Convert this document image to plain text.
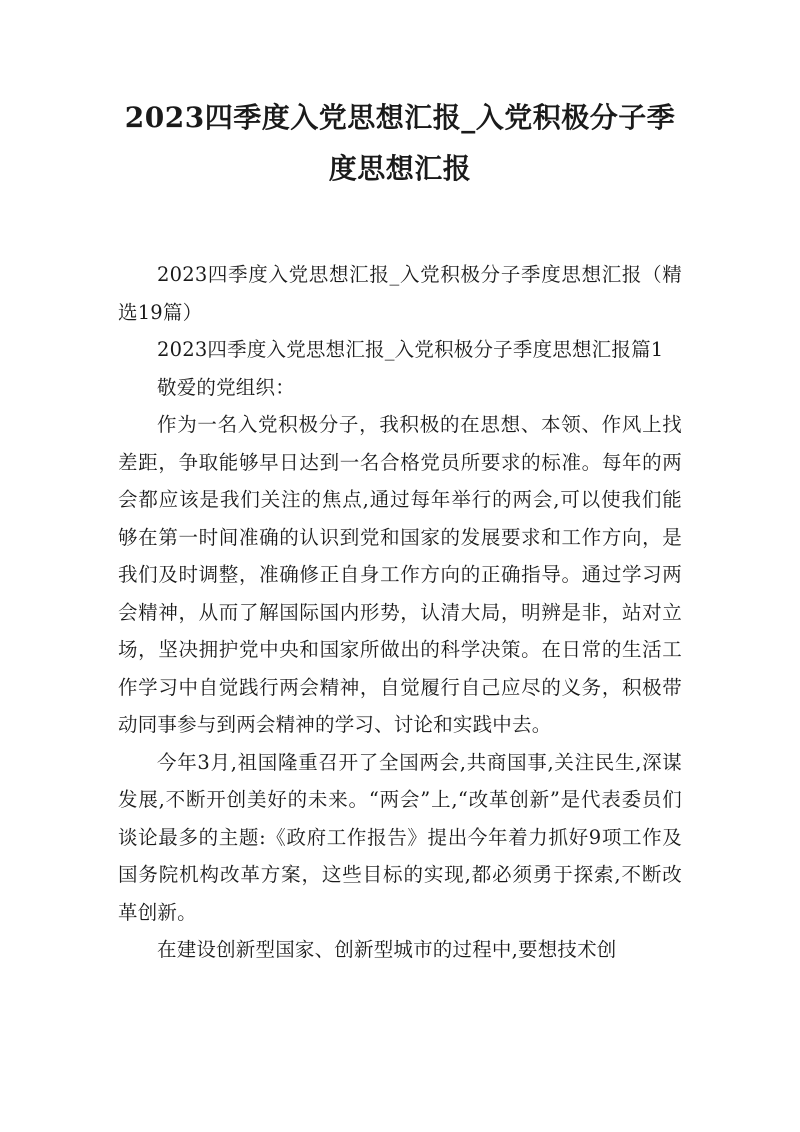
2023四季度入党思想汇报_入党积极分子季
度思想汇报

2023四季度入党思想汇报_入党积极分子季度思想汇报（精选19篇）

2023四季度入党思想汇报_入党积极分子季度思想汇报篇1

敬爱的党组织：

作为一名入党积极分子，我积极的在思想、本领、作风上找差距，争取能够早日达到一名合格党员所要求的标准。每年的两会都应该是我们关注的焦点,通过每年举行的两会,可以使我们能够在第一时间准确的认识到党和国家的发展要求和工作方向，是我们及时调整，准确修正自身工作方向的正确指导。通过学习两会精神，从而了解国际国内形势，认清大局，明辨是非，站对立场，坚决拥护党中央和国家所做出的科学决策。在日常的生活工作学习中自觉践行两会精神，自觉履行自己应尽的义务，积极带动同事参与到两会精神的学习、讨论和实践中去。

今年3月,祖国隆重召开了全国两会,共商国事,关注民生,深谋发展,不断开创美好的未来。“两会”上,“改革创新”是代表委员们谈论最多的主题:《政府工作报告》提出今年着力抓好9项工作及国务院机构改革方案，这些目标的实现,都必须勇于探索,不断改革创新。

在建设创新型国家、创新型城市的过程中,要想技术创
